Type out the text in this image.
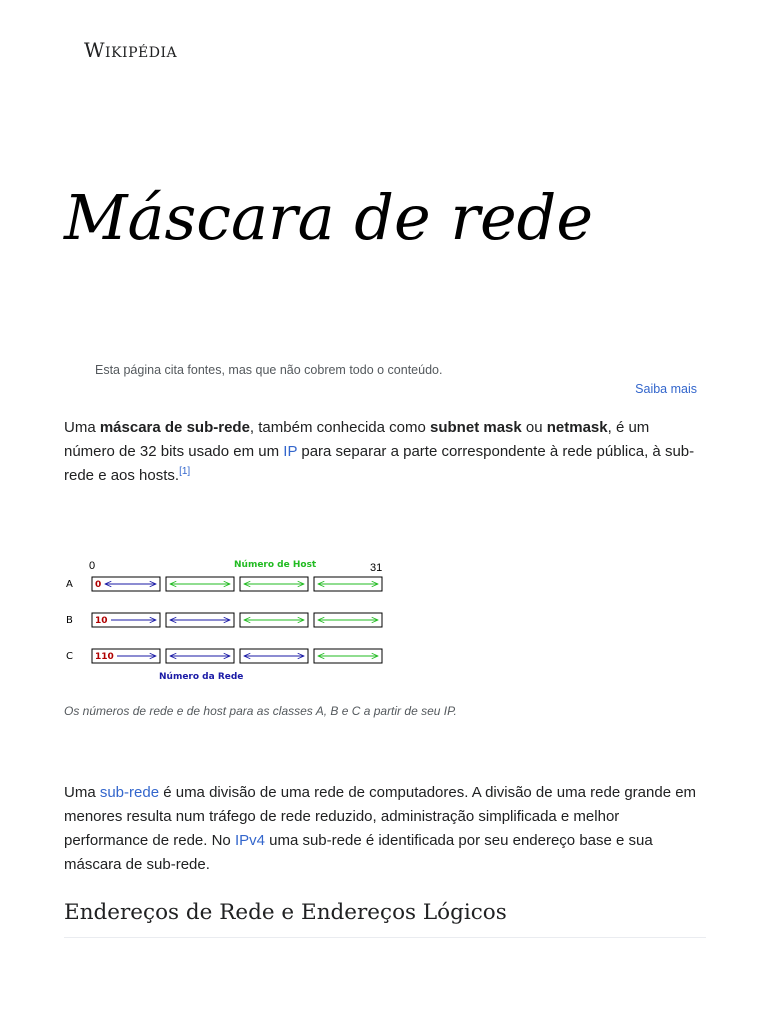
Wikipédia
Máscara de rede
Esta página cita fontes, mas que não cobrem todo o conteúdo.
Saiba mais

Uma máscara de sub-rede, também conhecida como subnet mask ou netmask, é um número de 32 bits usado em um IP para separar a parte correspondente à rede pública, à sub-rede e aos hosts.[1]

0	31
Número de Host
Número da Rede
A 0
B 10
C 110
Os números de rede e de host para as classes A, B e C a partir de seu IP.

Uma sub-rede é uma divisão de uma rede de computadores. A divisão de uma rede grande em menores resulta num tráfego de rede reduzido, administração simplificada e melhor performance de rede. No IPv4 uma sub-rede é identificada por seu endereço base e sua máscara de sub-rede.

Endereços de Rede e Endereços Lógicos
